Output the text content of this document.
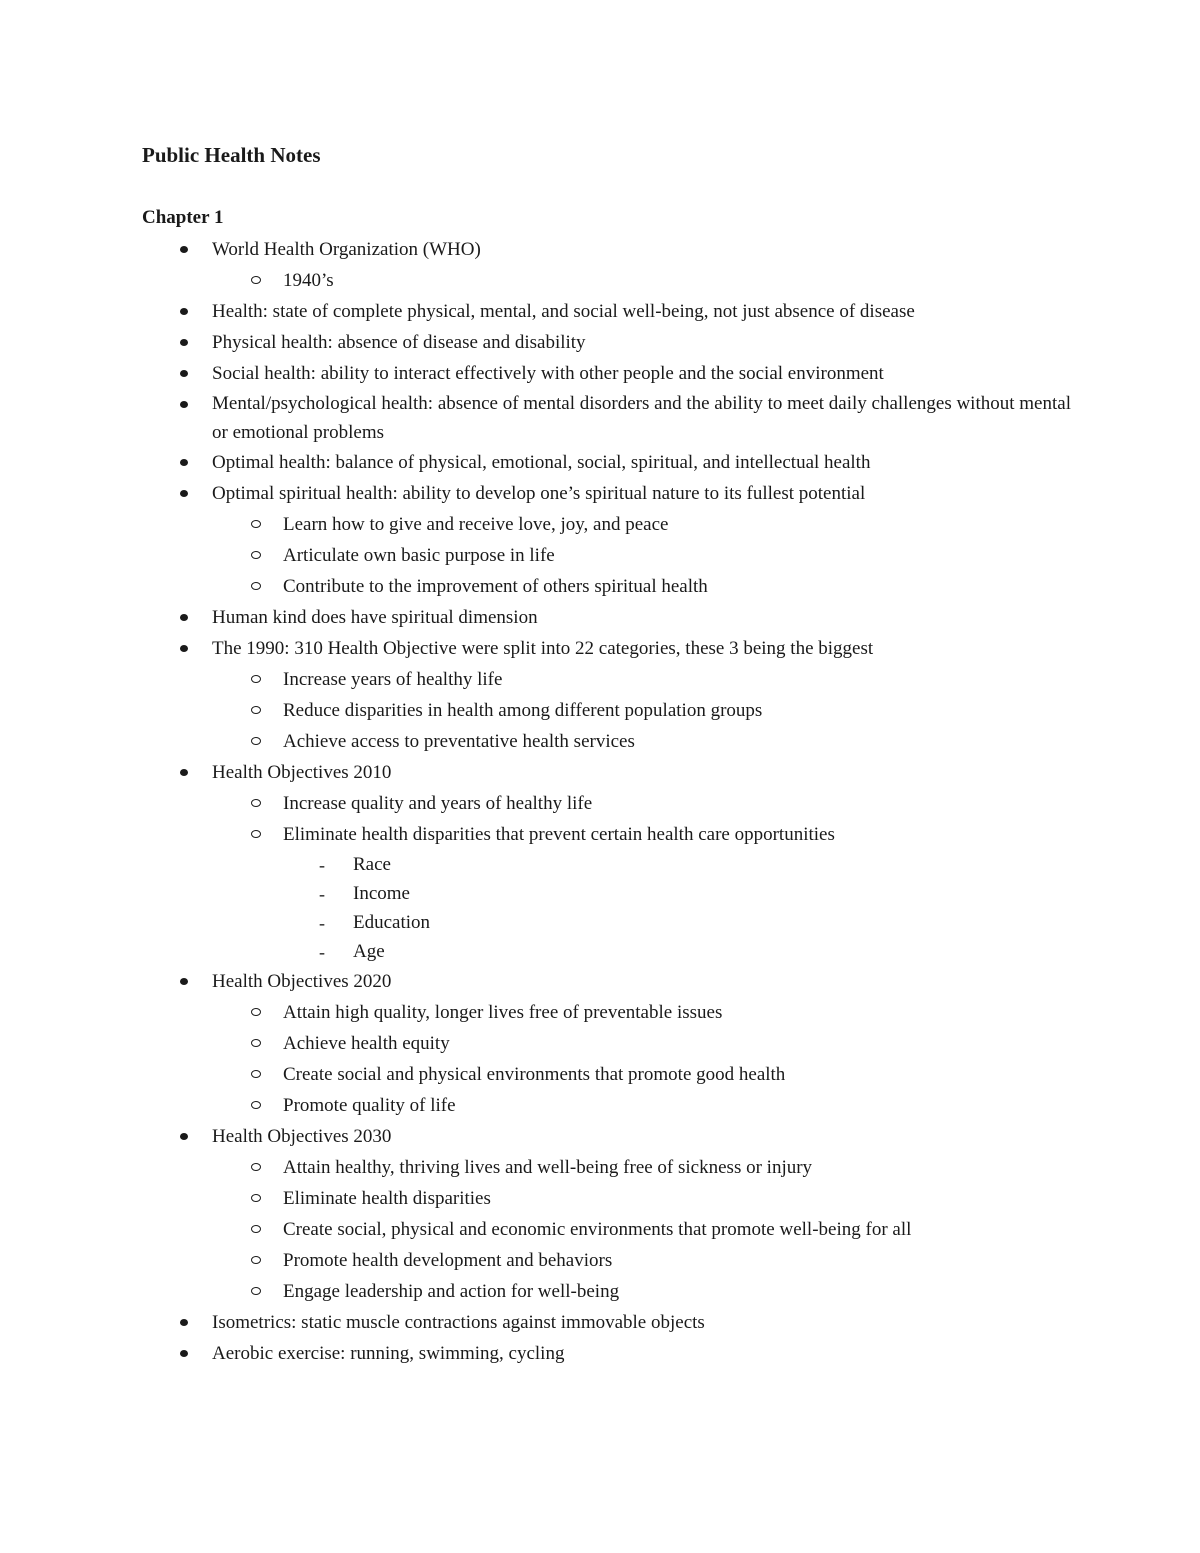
Public Health Notes
Chapter 1
World Health Organization (WHO)
1940’s
Health: state of complete physical, mental, and social well-being, not just absence of disease
Physical health: absence of disease and disability
Social health: ability to interact effectively with other people and the social environment
Mental/psychological health: absence of mental disorders and the ability to meet daily challenges without mental or emotional problems
Optimal health: balance of physical, emotional, social, spiritual, and intellectual health
Optimal spiritual health: ability to develop one’s spiritual nature to its fullest potential
Learn how to give and receive love, joy, and peace
Articulate own basic purpose in life
Contribute to the improvement of others spiritual health
Human kind does have spiritual dimension
The 1990: 310 Health Objective were split into 22 categories, these 3 being the biggest
Increase years of healthy life
Reduce disparities in health among different population groups
Achieve access to preventative health services
Health Objectives 2010
Increase quality and years of healthy life
Eliminate health disparities that prevent certain health care opportunities
- Race
- Income
- Education
- Age
Health Objectives 2020
Attain high quality, longer lives free of preventable issues
Achieve health equity
Create social and physical environments that promote good health
Promote quality of life
Health Objectives 2030
Attain healthy, thriving lives and well-being free of sickness or injury
Eliminate health disparities
Create social, physical and economic environments that promote well-being for all
Promote health development and behaviors
Engage leadership and action for well-being
Isometrics: static muscle contractions against immovable objects
Aerobic exercise: running, swimming, cycling
